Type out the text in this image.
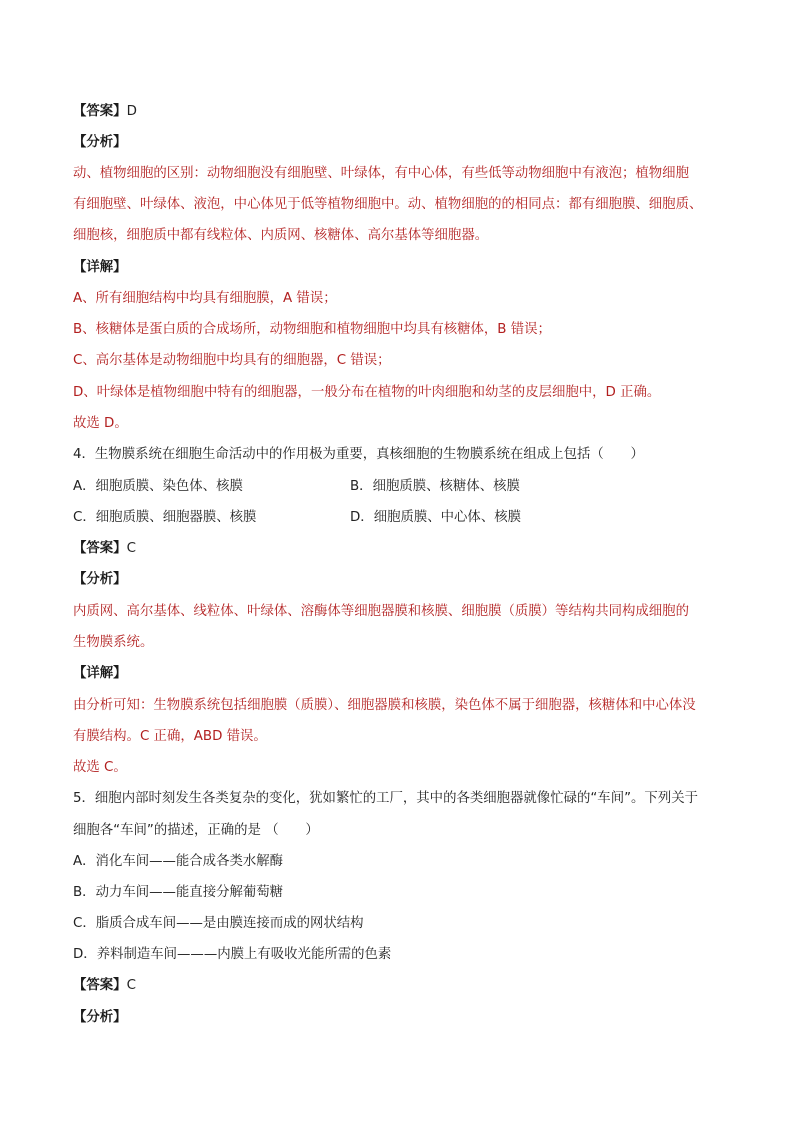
【答案】D
【分析】
动、植物细胞的区别：动物细胞没有细胞壁、叶绿体，有中心体，有些低等动物细胞中有液泡；植物细胞
有细胞壁、叶绿体、液泡，中心体见于低等植物细胞中。动、植物细胞的的相同点：都有细胞膜、细胞质、
细胞核，细胞质中都有线粒体、内质网、核糖体、高尔基体等细胞器。
【详解】
A、所有细胞结构中均具有细胞膜，A 错误；
B、核糖体是蛋白质的合成场所，动物细胞和植物细胞中均具有核糖体，B 错误；
C、高尔基体是动物细胞中均具有的细胞器，C 错误；
D、叶绿体是植物细胞中特有的细胞器，一般分布在植物的叶肉细胞和幼茎的皮层细胞中，D 正确。
故选 D。
4．生物膜系统在细胞生命活动中的作用极为重要，真核细胞的生物膜系统在组成上包括（　　）
A．细胞质膜、染色体、核膜	B．细胞质膜、核糖体、核膜
C．细胞质膜、细胞器膜、核膜	D．细胞质膜、中心体、核膜
【答案】C
【分析】
内质网、高尔基体、线粒体、叶绿体、溶酶体等细胞器膜和核膜、细胞膜（质膜）等结构共同构成细胞的
生物膜系统。
【详解】
由分析可知：生物膜系统包括细胞膜（质膜）、细胞器膜和核膜，染色体不属于细胞器，核糖体和中心体没
有膜结构。C 正确，ABD 错误。
故选 C。
5．细胞内部时刻发生各类复杂的变化，犹如繁忙的工厂，其中的各类细胞器就像忙碌的“车间”。下列关于
细胞各“车间”的描述，正确的是 （　　）
A．消化车间——能合成各类水解酶
B．动力车间——能直接分解葡萄糖
C．脂质合成车间——是由膜连接而成的网状结构
D．养料制造车间———内膜上有吸收光能所需的色素
【答案】C
【分析】
